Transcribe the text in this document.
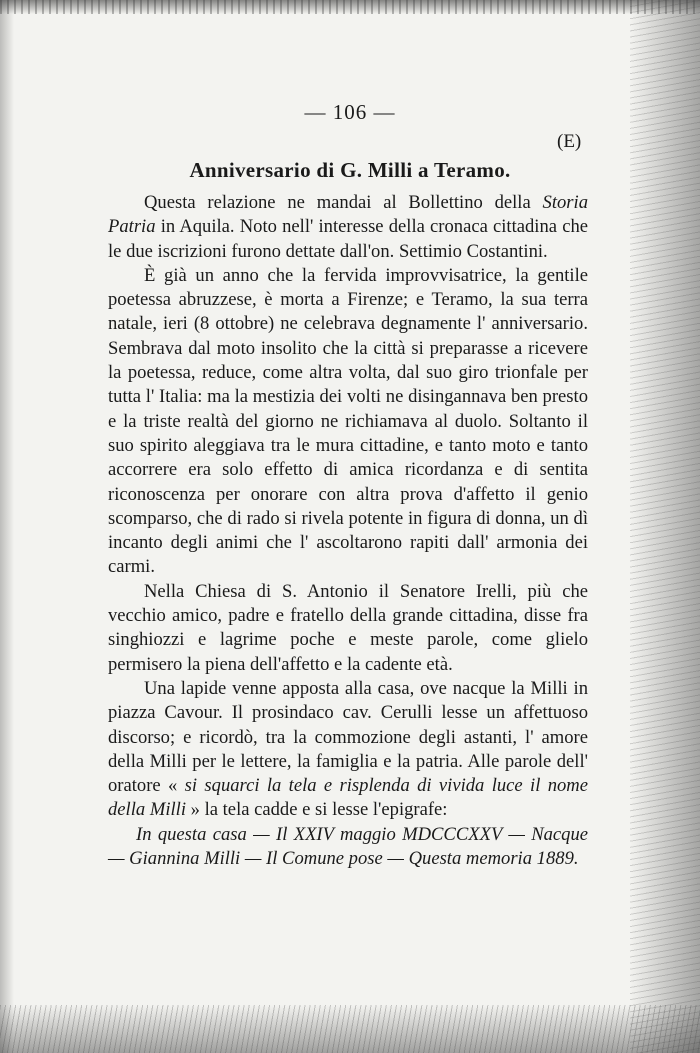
— 106 —
(E)
Anniversario di G. Milli a Teramo.

Questa relazione ne mandai al Bollettino della Storia Patria in Aquila. Noto nell' interesse della cronaca cittadina che le due iscrizioni furono dettate dall'on. Settimio Costantini.

È già un anno che la fervida improvvisatrice, la gentile poetessa abruzzese, è morta a Firenze; e Teramo, la sua terra natale, ieri (8 ottobre) ne celebrava degnamente l' anniversario. Sembrava dal moto insolito che la città si preparasse a ricevere la poetessa, reduce, come altra volta, dal suo giro trionfale per tutta l' Italia: ma la mestizia dei volti ne disingannava ben presto e la triste realtà del giorno ne richiamava al duolo. Soltanto il suo spirito aleggiava tra le mura cittadine, e tanto moto e tanto accorrere era solo effetto di amica ricordanza e di sentita riconoscenza per onorare con altra prova d'affetto il genio scomparso, che di rado si rivela potente in figura di donna, un dì incanto degli animi che l' ascoltarono rapiti dall' armonia dei carmi.

Nella Chiesa di S. Antonio il Senatore Irelli, più che vecchio amico, padre e fratello della grande cittadina, disse fra singhiozzi e lagrime poche e meste parole, come glielo permisero la piena dell'affetto e la cadente età.

Una lapide venne apposta alla casa, ove nacque la Milli in piazza Cavour. Il prosindaco cav. Cerulli lesse un affettuoso discorso; e ricordò, tra la commozione degli astanti, l' amore della Milli per le lettere, la famiglia e la patria. Alle parole dell' oratore « si squarci la tela e risplenda di vivida luce il nome della Milli » la tela cadde e si lesse l'epigrafe:

In questa casa — Il XXIV maggio MDCCCXXV — Nacque — Giannina Milli — Il Comune pose — Questa memoria 1889.
